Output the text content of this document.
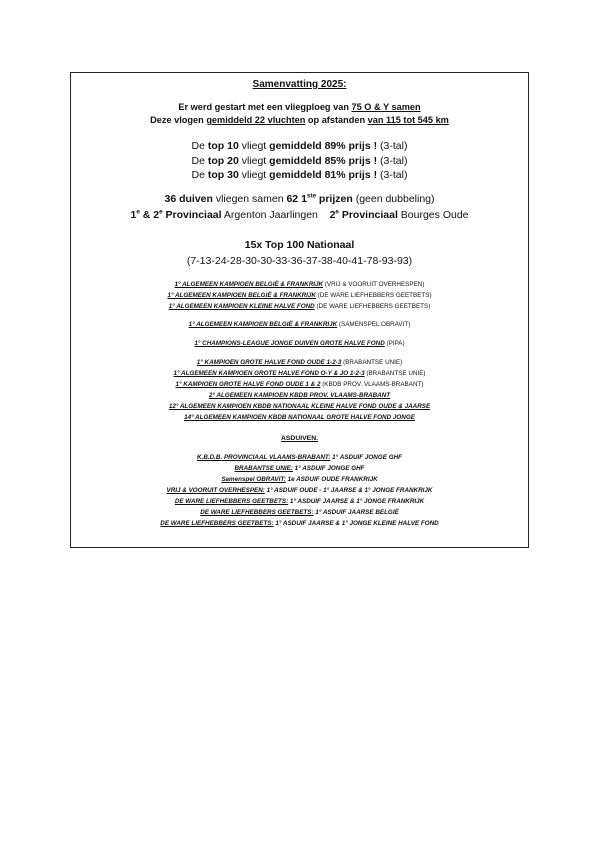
Samenvatting 2025:
Er werd gestart met een vliegploeg van 75 O & Y samen
Deze vlogen gemiddeld 22 vluchten op afstanden van 115 tot 545 km
De top 10 vliegt gemiddeld 89% prijs ! (3-tal)
De top 20 vliegt gemiddeld 85% prijs ! (3-tal)
De top 30 vliegt gemiddeld 81% prijs ! (3-tal)
36 duiven vliegen samen 62 1ste prijzen (geen dubbeling)
1e & 2e Provinciaal Argenton Jaarlingen 2e Provinciaal Bourges Oude
15x Top 100 Nationaal
(7-13-24-28-30-30-33-36-37-38-40-41-78-93-93)
1° ALGEMEEN KAMPIOEN BELGIË & FRANKRIJK (VRIJ & VOORUIT OVERHESPEN)
1° ALGEMEEN KAMPIOEN BELGIË & FRANKRIJK (DE WARE LIEFHEBBERS GEETBETS)
1° ALGEMEEN KAMPIOEN KLEINE HALVE FOND (DE WARE LIEFHEBBERS GEETBETS)
1° ALGEMEEN KAMPIOEN BELGIË & FRANKRIJK (SAMENSPEL OBRAVIT)
1° CHAMPIONS-LEAGUE JONGE DUIVEN GROTE HALVE FOND (PIPA)
1° KAMPIOEN GROTE HALVE FOND OUDE 1-2-3 (BRABANTSE UNIE)
1° ALGEMEEN KAMPIOEN GROTE HALVE FOND O-Y & JO 1-2-3 (BRABANTSE UNIE)
1° KAMPIOEN GROTE HALVE FOND OUDE 1 & 2 (KBDB PROV. VLAAMS-BRABANT)
2° ALGEMEEN KAMPIOEN KBDB PROV. VLAAMS-BRABANT
12° ALGEMEEN KAMPIOEN KBDB NATIONAAL KLEINE HALVE FOND OUDE & JAARSE
14° ALGEMEEN KAMPIOEN KBDB NATIONAAL GROTE HALVE FOND JONGE
ASDUIVEN.
K.B.D.B. PROVINCIAAL VLAAMS-BRABANT: 1° ASDUIF JONGE GHF
BRABANTSE UNIE: 1° ASDUIF JONGE GHF
Samenspel OBRAVIT: 1e ASDUIF OUDE FRANKRIJK
VRIJ & VOORUIT OVERHESPEN: 1° ASDUIF OUDE - 1° JAARSE & 1° JONGE FRANKRIJK
DE WARE LIEFHEBBERS GEETBETS: 1° ASDUIF JAARSE & 1° JONGE FRANKRIJK
DE WARE LIEFHEBBERS GEETBETS: 1° ASDUIF JAARSE BELGIË
DE WARE LIEFHEBBERS GEETBETS: 1° ASDUIF JAARSE & 1° JONGE KLEINE HALVE FOND
